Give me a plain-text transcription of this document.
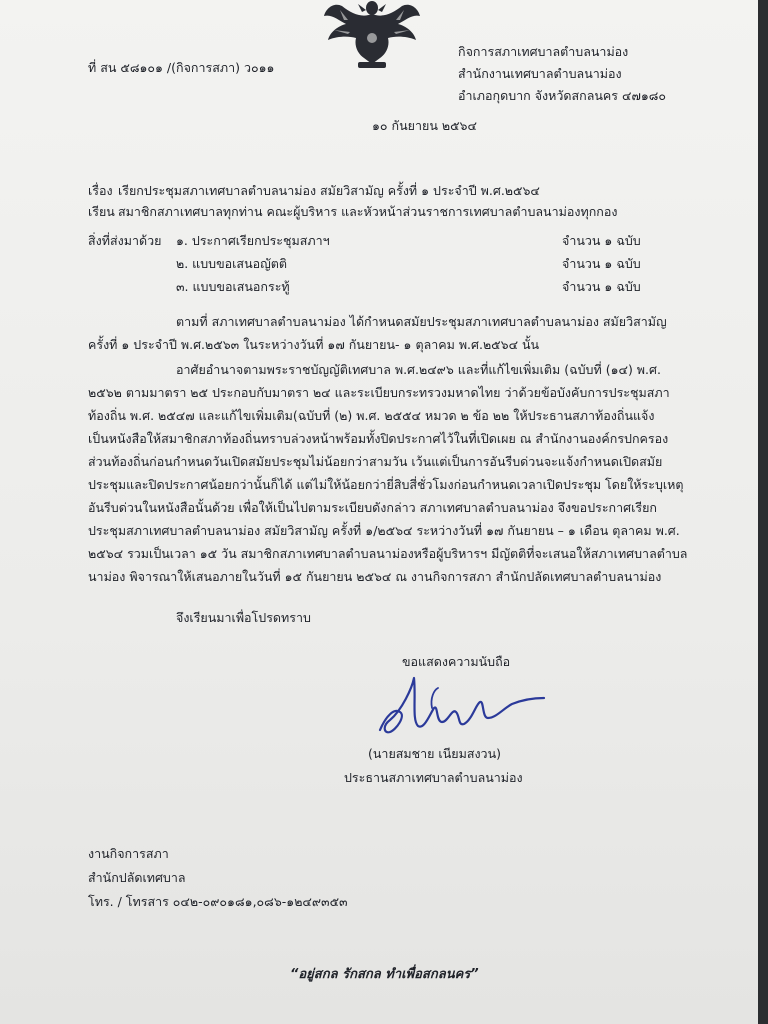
ที่ สน ๕๘๑๐๑ /(กิจการสภา) ว๐๑๑
กิจการสภาเทศบาลตำบลนาม่อง
สำนักงานเทศบาลตำบลนาม่อง
อำเภอกุดบาก จังหวัดสกลนคร ๔๗๑๘๐
๑๐ กันยายน ๒๕๖๔
เรื่อง เรียกประชุมสภาเทศบาลตำบลนาม่อง สมัยวิสามัญ ครั้งที่ ๑ ประจำปี พ.ศ.๒๕๖๔
เรียน สมาชิกสภาเทศบาลทุกท่าน คณะผู้บริหาร และหัวหน้าส่วนราชการเทศบาลตำบลนาม่องทุกกอง
สิ่งที่ส่งมาด้วย ๑. ประกาศเรียกประชุมสภาฯ	จำนวน ๑ ฉบับ
๒. แบบขอเสนอญัตติ	จำนวน ๑ ฉบับ
๓. แบบขอเสนอกระทู้	จำนวน ๑ ฉบับ
ตามที่ สภาเทศบาลตำบลนาม่อง ได้กำหนดสมัยประชุมสภาเทศบาลตำบลนาม่อง สมัยวิสามัญ
ครั้งที่ ๑ ประจำปี พ.ศ.๒๕๖๓ ในระหว่างวันที่ ๑๗ กันยายน- ๑ ตุลาคม พ.ศ.๒๕๖๔ นั้น
อาศัยอำนาจตามพระราชบัญญัติเทศบาล พ.ศ.๒๔๙๖ และที่แก้ไขเพิ่มเติม (ฉบับที่ (๑๔) พ.ศ.
๒๕๖๒ ตามมาตรา ๒๕ ประกอบกับมาตรา ๒๔ และระเบียบกระทรวงมหาดไทย ว่าด้วยข้อบังคับการประชุมสภา
ท้องถิ่น พ.ศ. ๒๕๔๗ และแก้ไขเพิ่มเติม(ฉบับที่ (๒) พ.ศ. ๒๕๕๔ หมวด ๒ ข้อ ๒๒ ให้ประธานสภาท้องถิ่นแจ้ง
เป็นหนังสือให้สมาชิกสภาท้องถิ่นทราบล่วงหน้าพร้อมทั้งปิดประกาศไว้ในที่เปิดเผย ณ สำนักงานองค์กรปกครอง
ส่วนท้องถิ่นก่อนกำหนดวันเปิดสมัยประชุมไม่น้อยกว่าสามวัน เว้นแต่เป็นการอันรีบด่วนจะแจ้งกำหนดเปิดสมัย
ประชุมและปิดประกาศน้อยกว่านั้นก็ได้ แต่ไม่ให้น้อยกว่ายี่สิบสี่ชั่วโมงก่อนกำหนดเวลาเปิดประชุม โดยให้ระบุเหตุ
อันรีบด่วนในหนังสือนั้นด้วย เพื่อให้เป็นไปตามระเบียบดังกล่าว สภาเทศบาลตำบลนาม่อง จึงขอประกาศเรียก
ประชุมสภาเทศบาลตำบลนาม่อง สมัยวิสามัญ ครั้งที่ ๑/๒๕๖๔ ระหว่างวันที่ ๑๗ กันยายน – ๑ เดือน ตุลาคม พ.ศ.
๒๕๖๔ รวมเป็นเวลา ๑๕ วัน สมาชิกสภาเทศบาลตำบลนาม่องหรือผู้บริหารฯ มีญัตติที่จะเสนอให้สภาเทศบาลตำบล
นาม่อง พิจารณาให้เสนอภายในวันที่ ๑๕ กันยายน ๒๕๖๔ ณ งานกิจการสภา สำนักปลัดเทศบาลตำบลนาม่อง
จึงเรียนมาเพื่อโปรดทราบ
ขอแสดงความนับถือ
(นายสมชาย เนียมสงวน)
ประธานสภาเทศบาลตำบลนาม่อง
งานกิจการสภา
สำนักปลัดเทศบาล
โทร. / โทรสาร ๐๔๒-๐๙๐๑๘๑,๐๘๖-๑๒๔๙๓๕๓
“อยู่สกล รักสกล ทำเพื่อสกลนคร”
